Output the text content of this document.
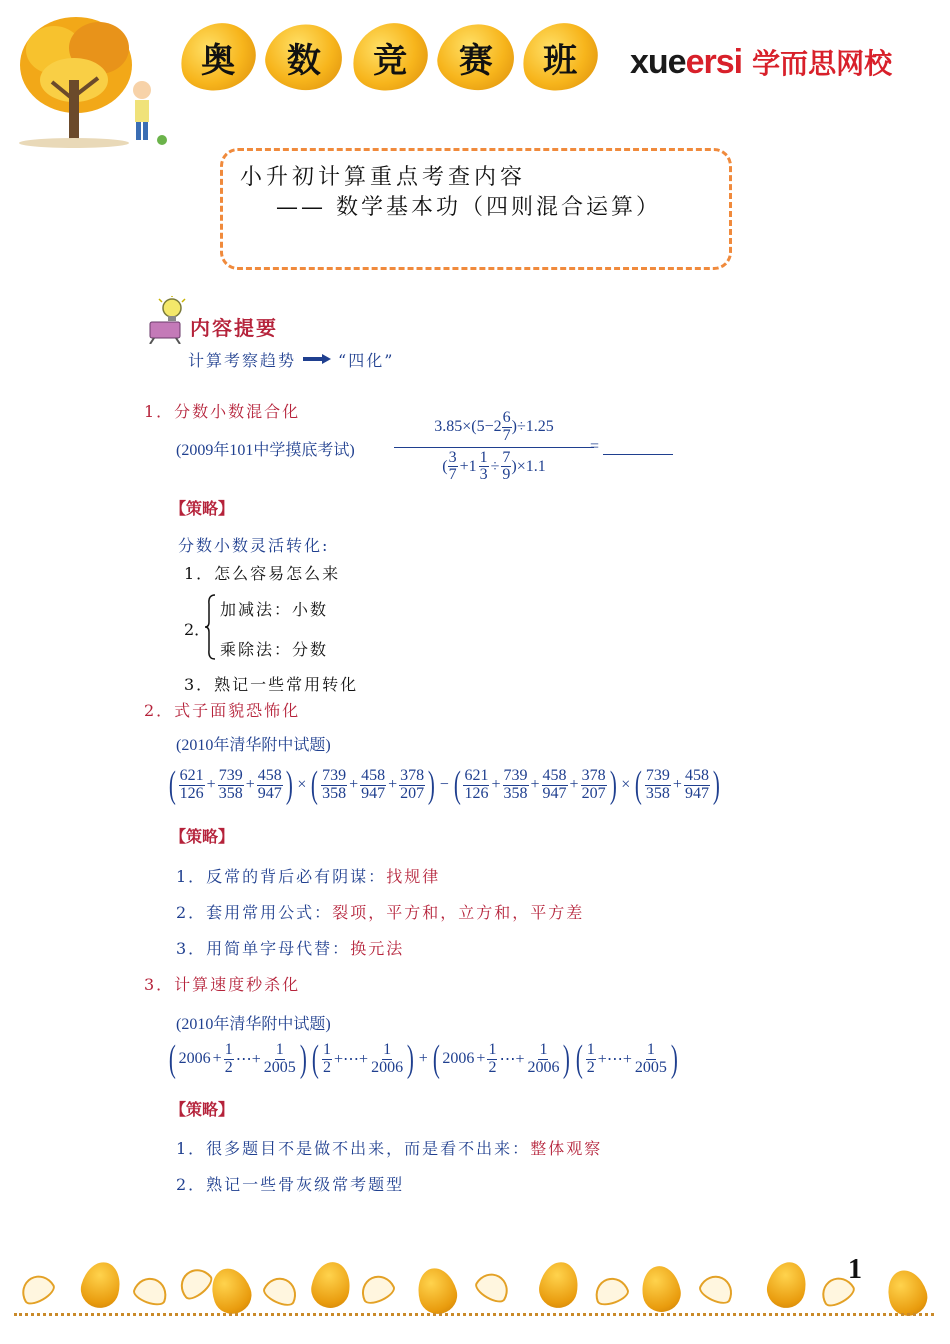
奥 数 竞 赛 班 xueersi 学而思网校
小升初计算重点考查内容
—— 数学基本功（四则混合运算）
内容提要
计算考察趋势	“四化”
1．分数小数混合化
(2009年101中学摸底考试) $\frac{3.85\times(5-2 \frac{6}{7} )\div 1.25}{( \frac{3}{7} +1 \frac{1}{3} \div \frac{7}{9} )\times 1.1}$
=
【策略】
分数小数灵活转化:
1．怎么容易怎么来
2．
加减法：小数
乘除法：分数
3．熟记一些常用转化
2．式子面貌恐怖化
(2010年清华附中试题)
( $\frac{621}{126} + \frac{739}{358} + \frac{458}{947}$ ) × ( $\frac{739}{358} + \frac{458}{947} + \frac{378}{207}$ ) − ( $\frac{621}{126} + \frac{739}{358} + \frac{458}{947} + \frac{378}{207}$ ) × ( $\frac{739}{358} + \frac{458}{947}$ )
【策略】
1．反常的背后必有阴谋：找规律
2．套用常用公式：裂项，平方和，立方和，平方差
3．用简单字母代替：换元法
3．计算速度秒杀化
(2010年清华附中试题)
( $2006 + \frac{1}{2}$ ⋯+ $\frac{1}{2005}$ ) ( $\frac{1}{2}$ +⋯+ $\frac{1}{2006}$ ) + ( $2006 + \frac{1}{2}$ ⋯+ $\frac{1}{2006}$ ) ( $\frac{1}{2}$ +⋯+ $\frac{1}{2005}$ )
【策略】
1．很多题目不是做不出来，而是看不出来：整体观察
2．熟记一些骨灰级常考题型
1
